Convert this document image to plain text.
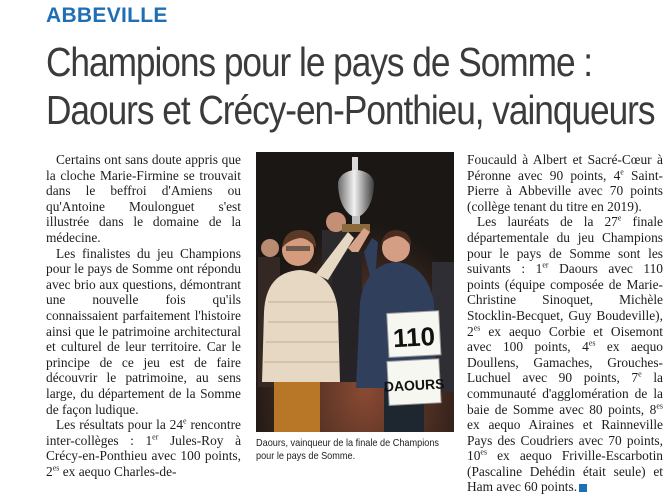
ABBEVILLE
Champions pour le pays de Somme :
Daours et Crécy-en-Ponthieu, vainqueurs

Certains ont sans doute appris que la cloche Marie-Firmine se trouvait dans le beffroi d'Amiens ou qu'Antoine Moulonguet s'est illustrée dans le domaine de la médecine.

Les finalistes du jeu Champions pour le pays de Somme ont répondu avec brio aux questions, démontrant une nouvelle fois qu'ils connaissaient parfaitement l'histoire ainsi que le patrimoine architectural et culturel de leur territoire. Car le principe de ce jeu est de faire découvrir le patrimoine, au sens large, du département de la Somme de façon ludique.

Les résultats pour la 24e rencontre inter-collèges : 1er Jules-Roy à Crécy-en-Ponthieu avec 100 points, $2^{es}$ ex aequo Charles-de-

110
DAOURS
Daours, vainqueur de la finale de Champions pour le pays de Somme.

Foucauld à Albert et Sacré-Cœur à Péronne avec 90 points, 4e Saint-Pierre à Abbeville avec 70 points (collège tenant du titre en 2019).

Les lauréats de la 27e finale départementale du jeu Champions pour le pays de Somme sont les suivants : 1er Daours avec 110 points (équipe composée de Marie-Christine Sinoquet, Michèle Stocklin-Becquet, Guy Boudeville), $2^{es}$ ex aequo Corbie et Oisemont avec 100 points, $4^{es}$ ex aequo Doullens, Gamaches, Grouches-Luchuel avec 90 points, 7e la communauté d'agglomération de la baie de Somme avec 80 points, $8^{es}$ ex aequo Airaines et Rainneville Pays des Coudriers avec 70 points, $10^{es}$ ex aequo Friville-Escarbotin (Pascaline Dehédin était seule) et Ham avec 60 points.
